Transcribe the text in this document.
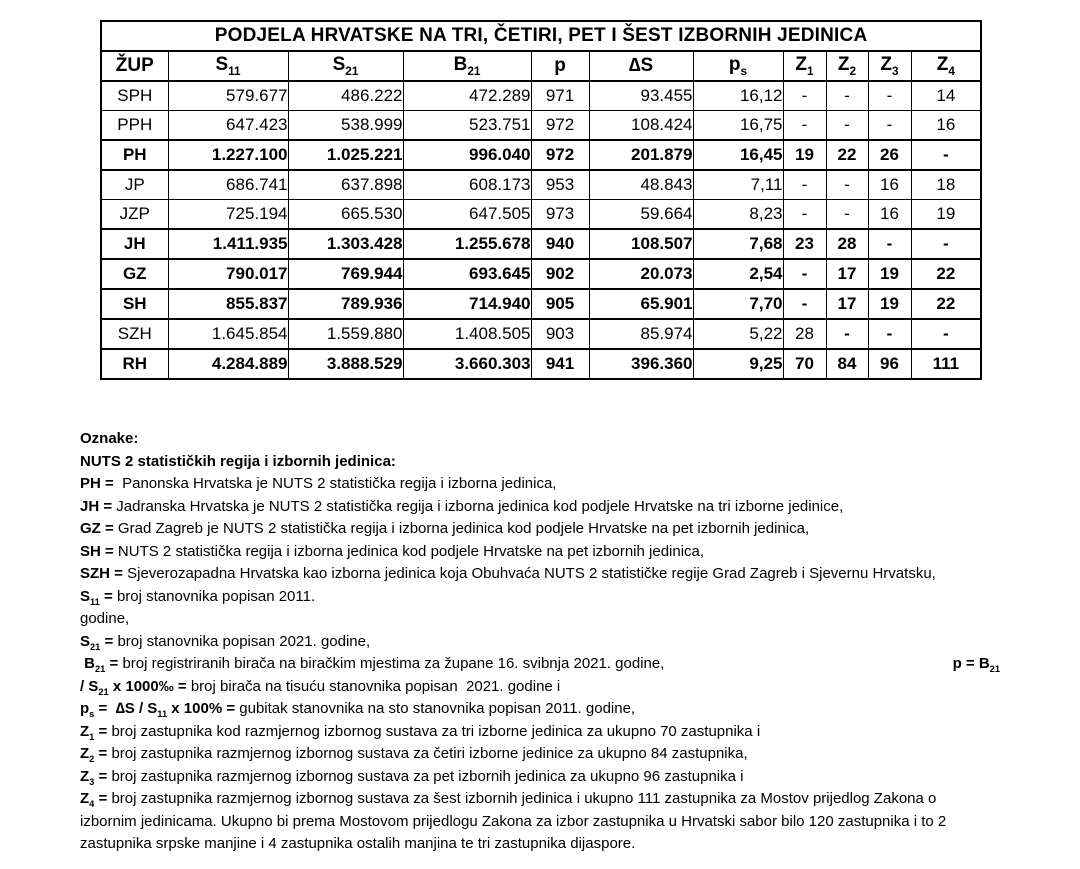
PODJELA HRVATSKE NA TRI, ČETIRI, PET I ŠEST IZBORNIH JEDINICA										
ŽUP	$S_{11}$	$S_{21}$	$B_{21}$	p	∆S	$p_s$	$Z_1$	$Z_2$	$Z_3$	$Z_4$
SPH	579.677	486.222	472.289	971	93.455	16,12	-	-	-	14
PPH	647.423	538.999	523.751	972	108.424	16,75	-	-	-	16
PH	1.227.100	1.025.221	996.040	972	201.879	16,45	19	22	26	-
JP	686.741	637.898	608.173	953	48.843	7,11	-	-	16	18
JZP	725.194	665.530	647.505	973	59.664	8,23	-	-	16	19
JH	1.411.935	1.303.428	1.255.678	940	108.507	7,68	23	28	-	-
GZ	790.017	769.944	693.645	902	20.073	2,54	-	17	19	22
SH	855.837	789.936	714.940	905	65.901	7,70	-	17	19	22
SZH	1.645.854	1.559.880	1.408.505	903	85.974	5,22	28	-	-	-
RH	4.284.889	3.888.529	3.660.303	941	396.360	9,25	70	84	96	111
Oznake:
NUTS 2 statističkih regija i izbornih jedinica:
PH =  Panonska Hrvatska je NUTS 2 statistička regija i izborna jedinica,
JH = Jadranska Hrvatska je NUTS 2 statistička regija i izborna jedinica kod podjele Hrvatske na tri izborne jedinice,
GZ = Grad Zagreb je NUTS 2 statistička regija i izborna jedinica kod podjele Hrvatske na pet izbornih jedinica,
SH = NUTS 2 statistička regija i izborna jedinica kod podjele Hrvatske na pet izbornih jedinica,
SZH = Sjeverozapadna Hrvatska kao izborna jedinica koja Obuhvaća NUTS 2 statističke regije Grad Zagreb i Sjevernu Hrvatsku,
$S_{11}$ = broj stanovnika popisan 2011.
godine,
$S_{21}$ = broj stanovnika popisan 2021. godine,
$B_{21}$ = broj registriranih birača na biračkim mjestima za župane 16. svibnja 2021. godine,	$p = B_{21}$
/ $S_{21}$ x 1000‰ = broj birača na tisuću stanovnika popisan  2021. godine i
$p_s = \Delta S / S_{11}$ x 100% = gubitak stanovnika na sto stanovnika popisan 2011. godine,
$Z_1$ = broj zastupnika kod razmjernog izbornog sustava za tri izborne jedinica za ukupno 70 zastupnika i
$Z_2$ = broj zastupnika razmjernog izbornog sustava za četiri izborne jedinice za ukupno 84 zastupnika,
$Z_3$ = broj zastupnika razmjernog izbornog sustava za pet izbornih jedinica za ukupno 96 zastupnika i
$Z_4$ = broj zastupnika razmjernog izbornog sustava za šest izbornih jedinica i ukupno 111 zastupnika za Mostov prijedlog Zakona o
izbornim jedinicama. Ukupno bi prema Mostovom prijedlogu Zakona za izbor zastupnika u Hrvatski sabor bilo 120 zastupnika i to 2
zastupnika srpske manjine i 4 zastupnika ostalih manjina te tri zastupnika dijaspore.
